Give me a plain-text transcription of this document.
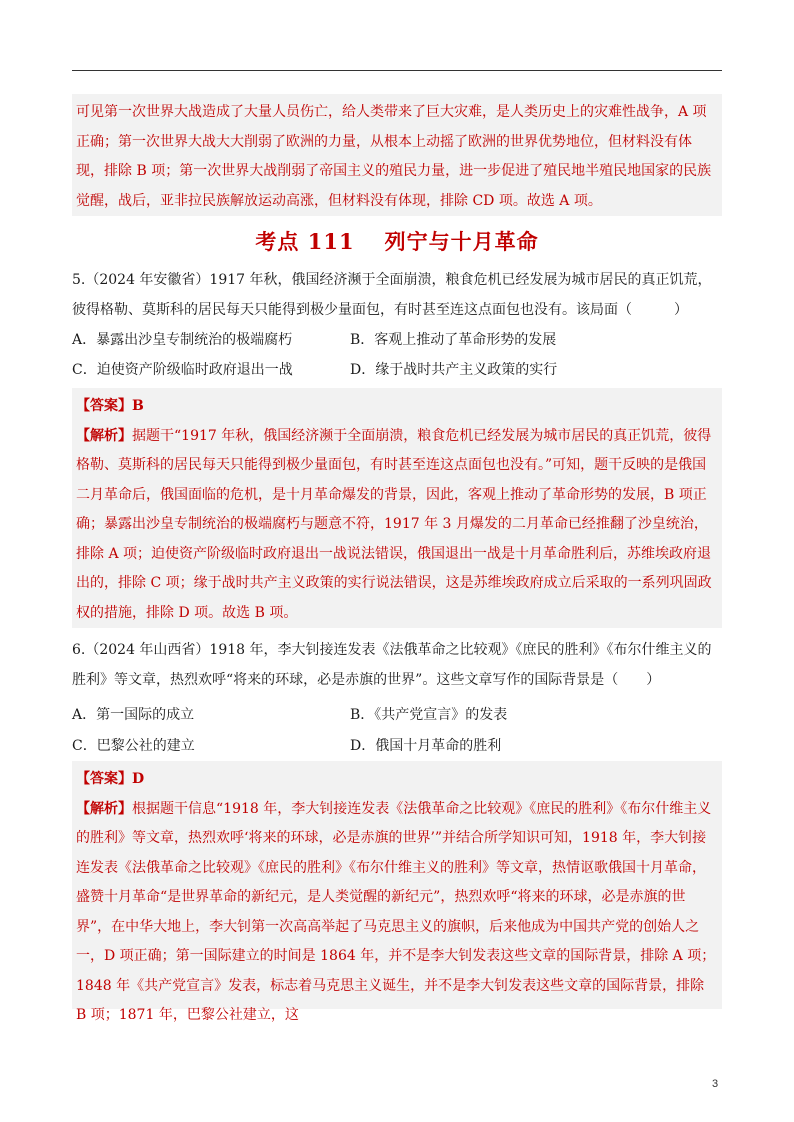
可见第一次世界大战造成了大量人员伤亡，给人类带来了巨大灾难，是人类历史上的灾难性战争，A 项正确；第一次世界大战大大削弱了欧洲的力量，从根本上动摇了欧洲的世界优势地位，但材料没有体现，排除 B 项；第一次世界大战削弱了帝国主义的殖民力量，进一步促进了殖民地半殖民地国家的民族觉醒，战后，亚非拉民族解放运动高涨，但材料没有体现，排除 CD 项。故选 A 项。

考点 111 列宁与十月革命

5.（2024 年安徽省）1917 年秋，俄国经济濒于全面崩溃，粮食危机已经发展为城市居民的真正饥荒，彼得格勒、莫斯科的居民每天只能得到极少量面包，有时甚至连这点面包也没有。该局面（　　　）

A．暴露出沙皇专制统治的极端腐朽	B．客观上推动了革命形势的发展
C．迫使资产阶级临时政府退出一战	D．缘于战时共产主义政策的实行

【答案】B

【解析】据题干“1917 年秋，俄国经济濒于全面崩溃，粮食危机已经发展为城市居民的真正饥荒，彼得格勒、莫斯科的居民每天只能得到极少量面包，有时甚至连这点面包也没有。”可知，题干反映的是俄国二月革命后，俄国面临的危机，是十月革命爆发的背景，因此，客观上推动了革命形势的发展，B 项正确；暴露出沙皇专制统治的极端腐朽与题意不符，1917 年 3 月爆发的二月革命已经推翻了沙皇统治，排除 A 项；迫使资产阶级临时政府退出一战说法错误，俄国退出一战是十月革命胜利后，苏维埃政府退出的，排除 C 项；缘于战时共产主义政策的实行说法错误，这是苏维埃政府成立后采取的一系列巩固政权的措施，排除 D 项。故选 B 项。

6.（2024 年山西省）1918 年，李大钊接连发表《法俄革命之比较观》《庶民的胜利》《布尔什维主义的胜利》等文章，热烈欢呼“将来的环球，必是赤旗的世界”。这些文章写作的国际背景是（　　）

A．第一国际的成立	B．《共产党宣言》的发表
C．巴黎公社的建立	D．俄国十月革命的胜利

【答案】D

【解析】根据题干信息“1918 年，李大钊接连发表《法俄革命之比较观》《庶民的胜利》《布尔什维主义的胜利》等文章，热烈欢呼‘将来的环球，必是赤旗的世界’”并结合所学知识可知，1918 年，李大钊接连发表《法俄革命之比较观》《庶民的胜利》《布尔什维主义的胜利》等文章，热情讴歌俄国十月革命，盛赞十月革命“是世界革命的新纪元，是人类觉醒的新纪元”，热烈欢呼“将来的环球，必是赤旗的世界”，在中华大地上，李大钊第一次高高举起了马克思主义的旗帜，后来他成为中国共产党的创始人之一，D 项正确；第一国际建立的时间是 1864 年，并不是李大钊发表这些文章的国际背景，排除 A 项；1848 年《共产党宣言》发表，标志着马克思主义诞生，并不是李大钊发表这些文章的国际背景，排除 B 项；1871 年，巴黎公社建立，这

3
